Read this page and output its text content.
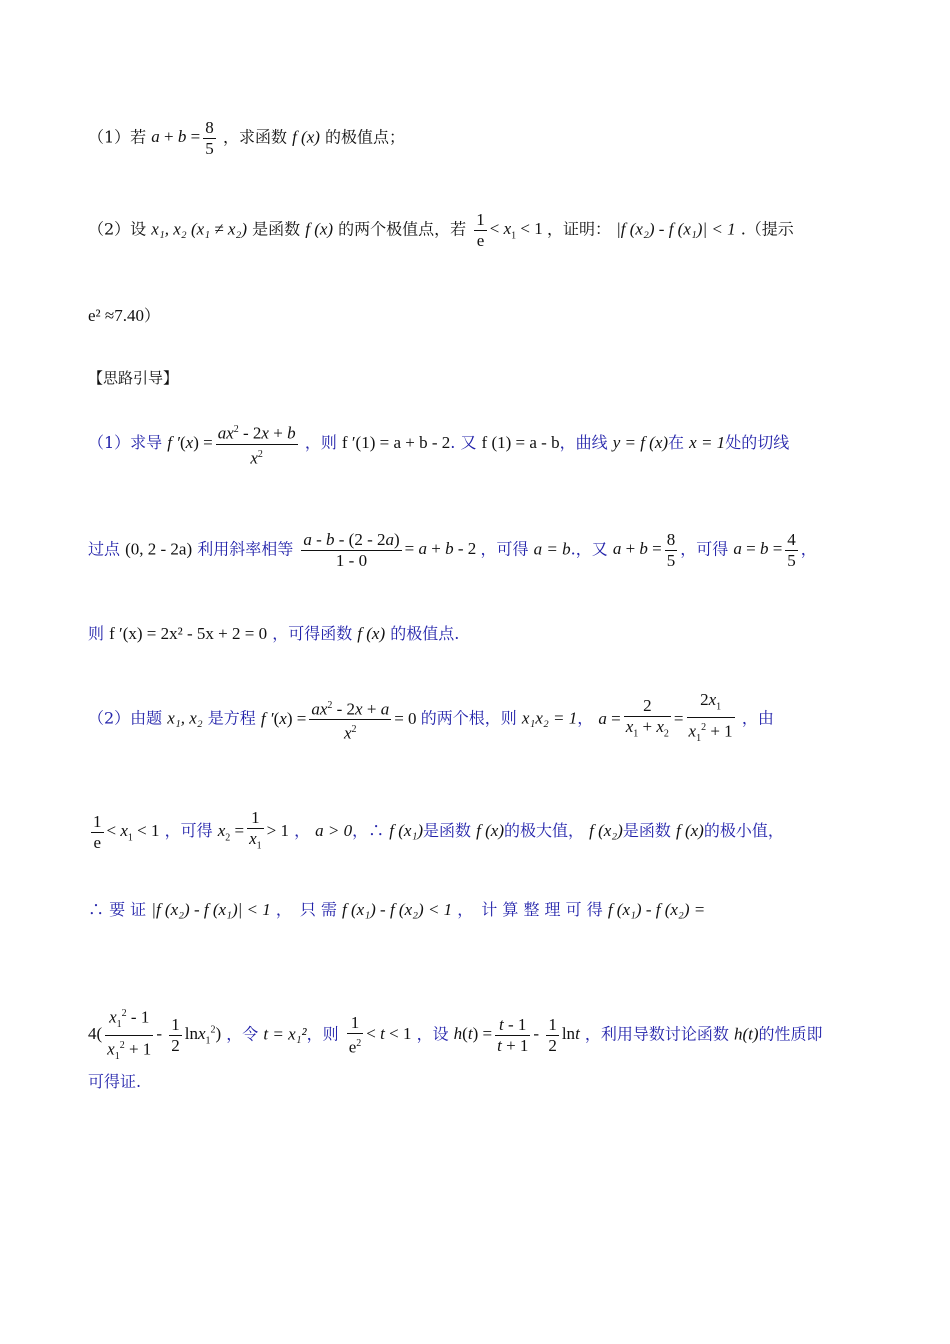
（1）若 $a + b = \frac{8}{5}$ ，求函数 f (x) 的极值点；
（2）设 x₁, x₂ (x₁ ≠ x₂) 是函数 f (x) 的两个极值点，若 $\frac{1}{e} < x_1 < 1$ ，证明： |f (x₂) - f (x₁)| < 1 .（提示
e² ≈7.40）
【思路引导】
（1）求导 f $'(x) = \frac{ax^2 - 2x + b}{x^2}$ ，则 f ′(1) = a + b - 2. 又 f (1) = a - b，曲线 y = f (x)在 x = 1处的切线
过点 (0, 2 - 2a) 利用斜率相等 $\frac{a - b - (2 - 2a)}{1 - 0} = a + b - 2$ ，可得 a = b.，又 $a + b = \frac{8}{5}$ ，可得 $a = b = \frac{4}{5}$ ，
则 f ′(x) = 2x² - 5x + 2 = 0 ，可得函数 f (x) 的极值点.
（2）由题 x₁, x₂ 是方程 f $'(x) = \frac{ax^2 - 2x + a}{x^2} = 0$ 的两个根，则 x₁x₂ = 1， $a = \frac{2}{x_1 + x_2} = \frac{2x_1}{x_1^2 + 1}$ ，由
$\frac{1}{e} < x_1 < 1$ ，可得 $x_2 = \frac{1}{x_1} > 1$ ， a > 0，∴ f (x₁)是函数 f (x)的极大值， f (x₂)是函数 f (x)的极小值，
∴ 要 证 |f (x₂) - f (x₁)| < 1 ，　只 需 f (x₁) - f (x₂) < 1 ，　计 算 整 理 可 得 f (x₁) - f (x₂) =
$4( \frac{x_1^2 - 1}{x_1^2 + 1} - \frac{1}{2} \ln x_1^2)$ ，令 t = x₁²，则 $\frac{1}{e^2} < t < 1$ ，设 $h(t) = \frac{t - 1}{t + 1} - \frac{1}{2}$ lnt ，利用导数讨论函数 h(t)的性质即
可得证.
